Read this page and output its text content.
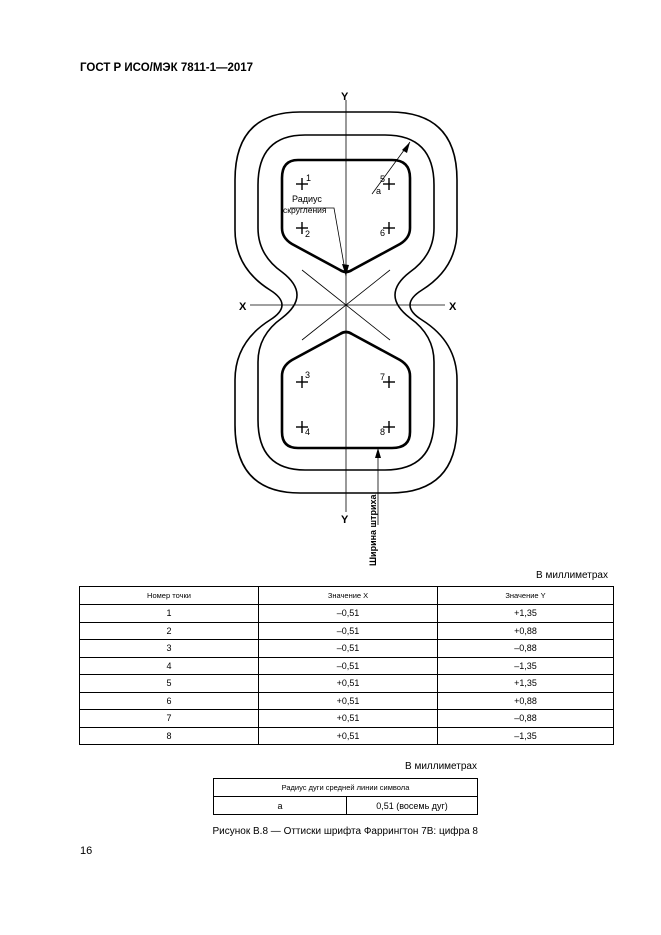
ГОСТ Р ИСО/МЭК 7811-1—2017
1
2
3
4
5
6
7
8
a
Радиус
скругления
Y
Y
X	X
Ширина штриха
В миллиметрах
Номер точки	Значение X	Значение Y
1	–0,51	+1,35
2	–0,51	+0,88
3	–0,51	–0,88
4	–0,51	–1,35
5	+0,51	+1,35
6	+0,51	+0,88
7	+0,51	–0,88
8	+0,51	–1,35
В миллиметрах
Радиус дуги средней линии символа
a	0,51 (восемь дуг)
Рисунок В.8 — Оттиски шрифта Фаррингтон 7B: цифра 8
16
